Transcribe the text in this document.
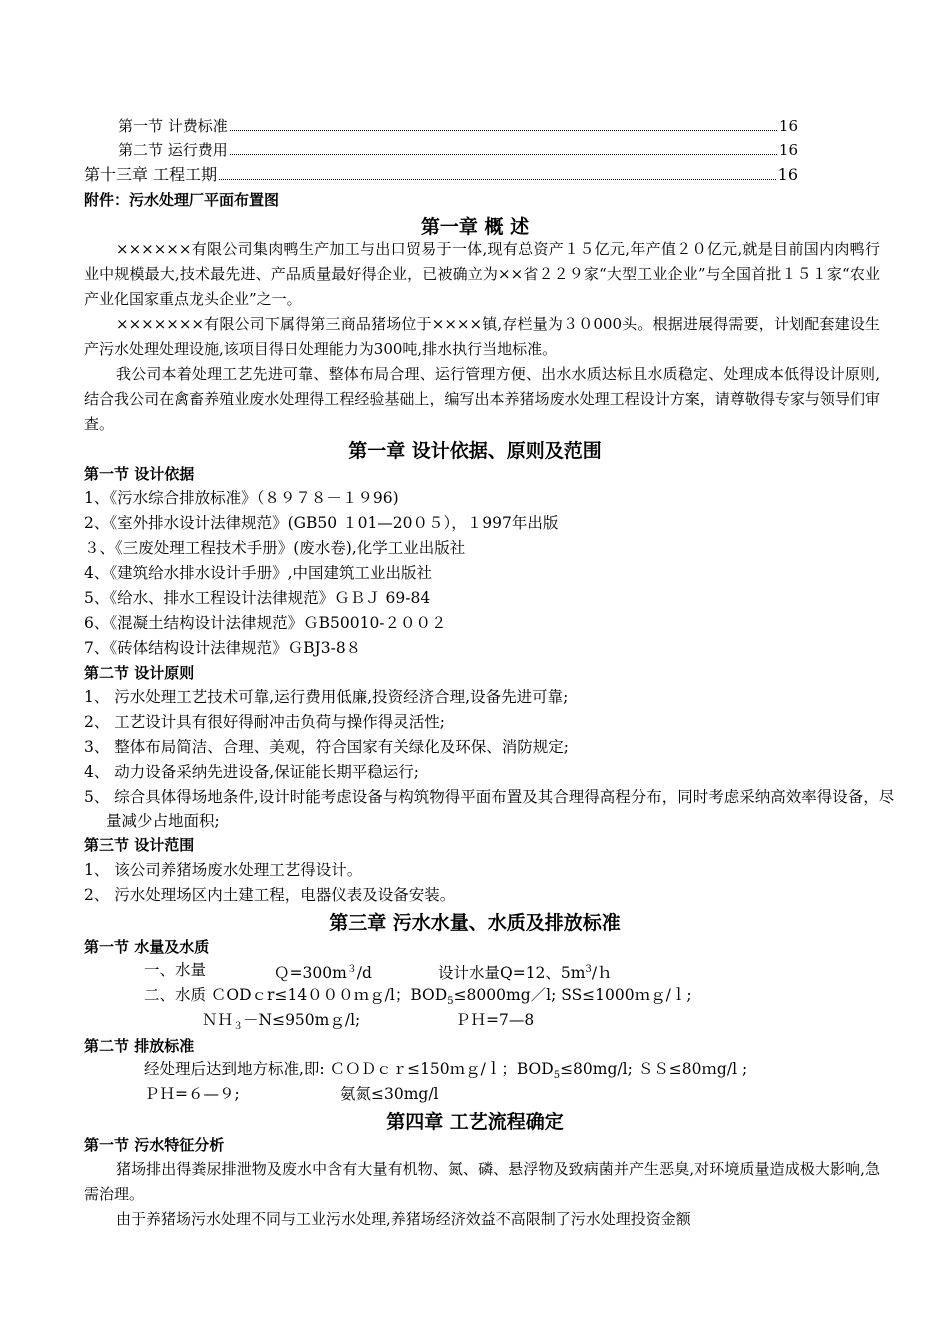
第一节 计费标准	16
第二节 运行费用	16
第十三章 工程工期	16
附件：污水处理厂平面布置图
第一章 概 述
××××××有限公司集肉鸭生产加工与出口贸易于一体,现有总资产１５亿元,年产值２０亿元,就是目前国内肉鸭行业中规模最大,技术最先进、产品质量最好得企业，已被确立为××省２２９家“大型工业企业”与全国首批１５１家“农业产业化国家重点龙头企业”之一。
×××××××有限公司下属得第三商品猪场位于××××镇,存栏量为３０000头。根据进展得需要，计划配套建设生产污水处理处理设施,该项目得日处理能力为300吨,排水执行当地标准。
我公司本着处理工艺先进可靠、整体布局合理、运行管理方便、出水水质达标且水质稳定、处理成本低得设计原则,结合我公司在禽畜养殖业废水处理得工程经验基础上，编写出本养猪场废水处理工程设计方案，请尊敬得专家与领导们审查。
第一章 设计依据、原则及范围
第一节 设计依据
1、《污水综合排放标准》（８９７８－１９96)
2、《室外排水设计法律规范》(GB50 １01—20０５），１997年出版
３、《三废处理工程技术手册》(废水卷),化学工业出版社
4、《建筑给水排水设计手册》,中国建筑工业出版社
5、《给水、排水工程设计法律规范》ＧＢＪ 69-84
6、《混凝土结构设计法律规范》ＧB50010-２００２
7、《砖体结构设计法律规范》ＧBJ3-8８
第二节 设计原则
1、 污水处理工艺技术可靠,运行费用低廉,投资经济合理,设备先进可靠;
2、 工艺设计具有很好得耐冲击负荷与操作得灵活性;
3、 整体布局简洁、合理、美观，符合国家有关绿化及环保、消防规定;
4、 动力设备采纳先进设备,保证能长期平稳运行;
5、 综合具体得场地条件,设计时能考虑设备与构筑物得平面布置及其合理得高程分布，同时考虑采纳高效率得设备，尽量减少占地面积;
第三节 设计范围
1、 该公司养猪场废水处理工艺得设计。
2、 污水处理场区内土建工程，电器仪表及设备安装。
第三章 污水水量、水质及排放标准
第一节 水量及水质
一、水量	$Q=300m^3/d$	设计水量Q=12、$5m^3/h$
二、水质 ＣODｃr≤14０００ｍｇ/l；$BOD_5\le 8000mg/l$; SS≤1000ｍｇ/ｌ;
ＮＨ$_3$－N≤950mｇ/l;	ＰＨ=7—8
第二节 排放标准
经处理后达到地方标准,即: ＣＯＤｃｒ≤150ｍｇ/ｌ；$BOD_5\le 80mg/l$; ＳＳ≤80ｍg/l ;
ＰＨ=６—９;	氨氮≤30mg/l
第四章 工艺流程确定
第一节 污水特征分析
猪场排出得粪尿排泄物及废水中含有大量有机物、氮、磷、悬浮物及致病菌并产生恶臭,对环境质量造成极大影响,急需治理。
由于养猪场污水处理不同与工业污水处理,养猪场经济效益不高限制了污水处理投资金额
